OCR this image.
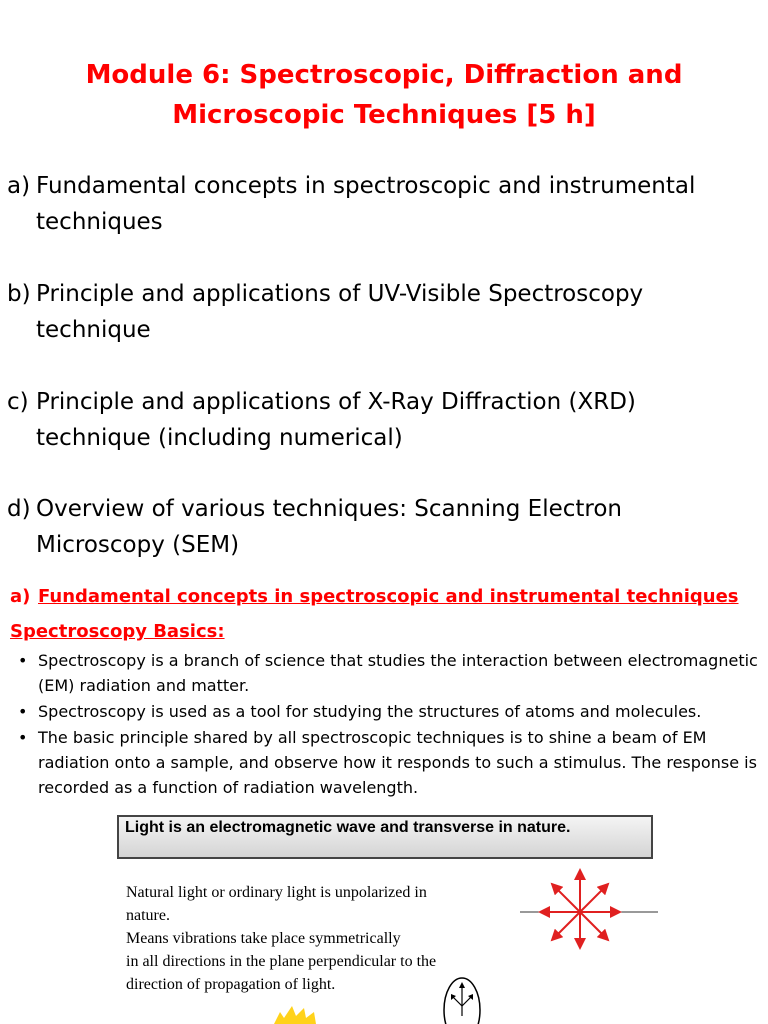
Module 6: Spectroscopic, Diffraction and Microscopic Techniques [5 h]
a) Fundamental concepts in spectroscopic and instrumental techniques
b) Principle and applications of UV-Visible Spectroscopy technique
c) Principle and applications of X-Ray Diffraction (XRD) technique (including numerical)
d) Overview of various techniques: Scanning Electron Microscopy (SEM)
a) Fundamental concepts in spectroscopic and instrumental techniques
Spectroscopy Basics:
• Spectroscopy is a branch of science that studies the interaction between electromagnetic (EM) radiation and matter.
• Spectroscopy is used as a tool for studying the structures of atoms and molecules.
• The basic principle shared by all spectroscopic techniques is to shine a beam of EM radiation onto a sample, and observe how it responds to such a stimulus. The response is recorded as a function of radiation wavelength.
Light is an electromagnetic wave and transverse in nature.
Natural light or ordinary light is unpolarized in
nature.
Means vibrations take place symmetrically
in all directions in the plane perpendicular to the
direction of propagation of light.
